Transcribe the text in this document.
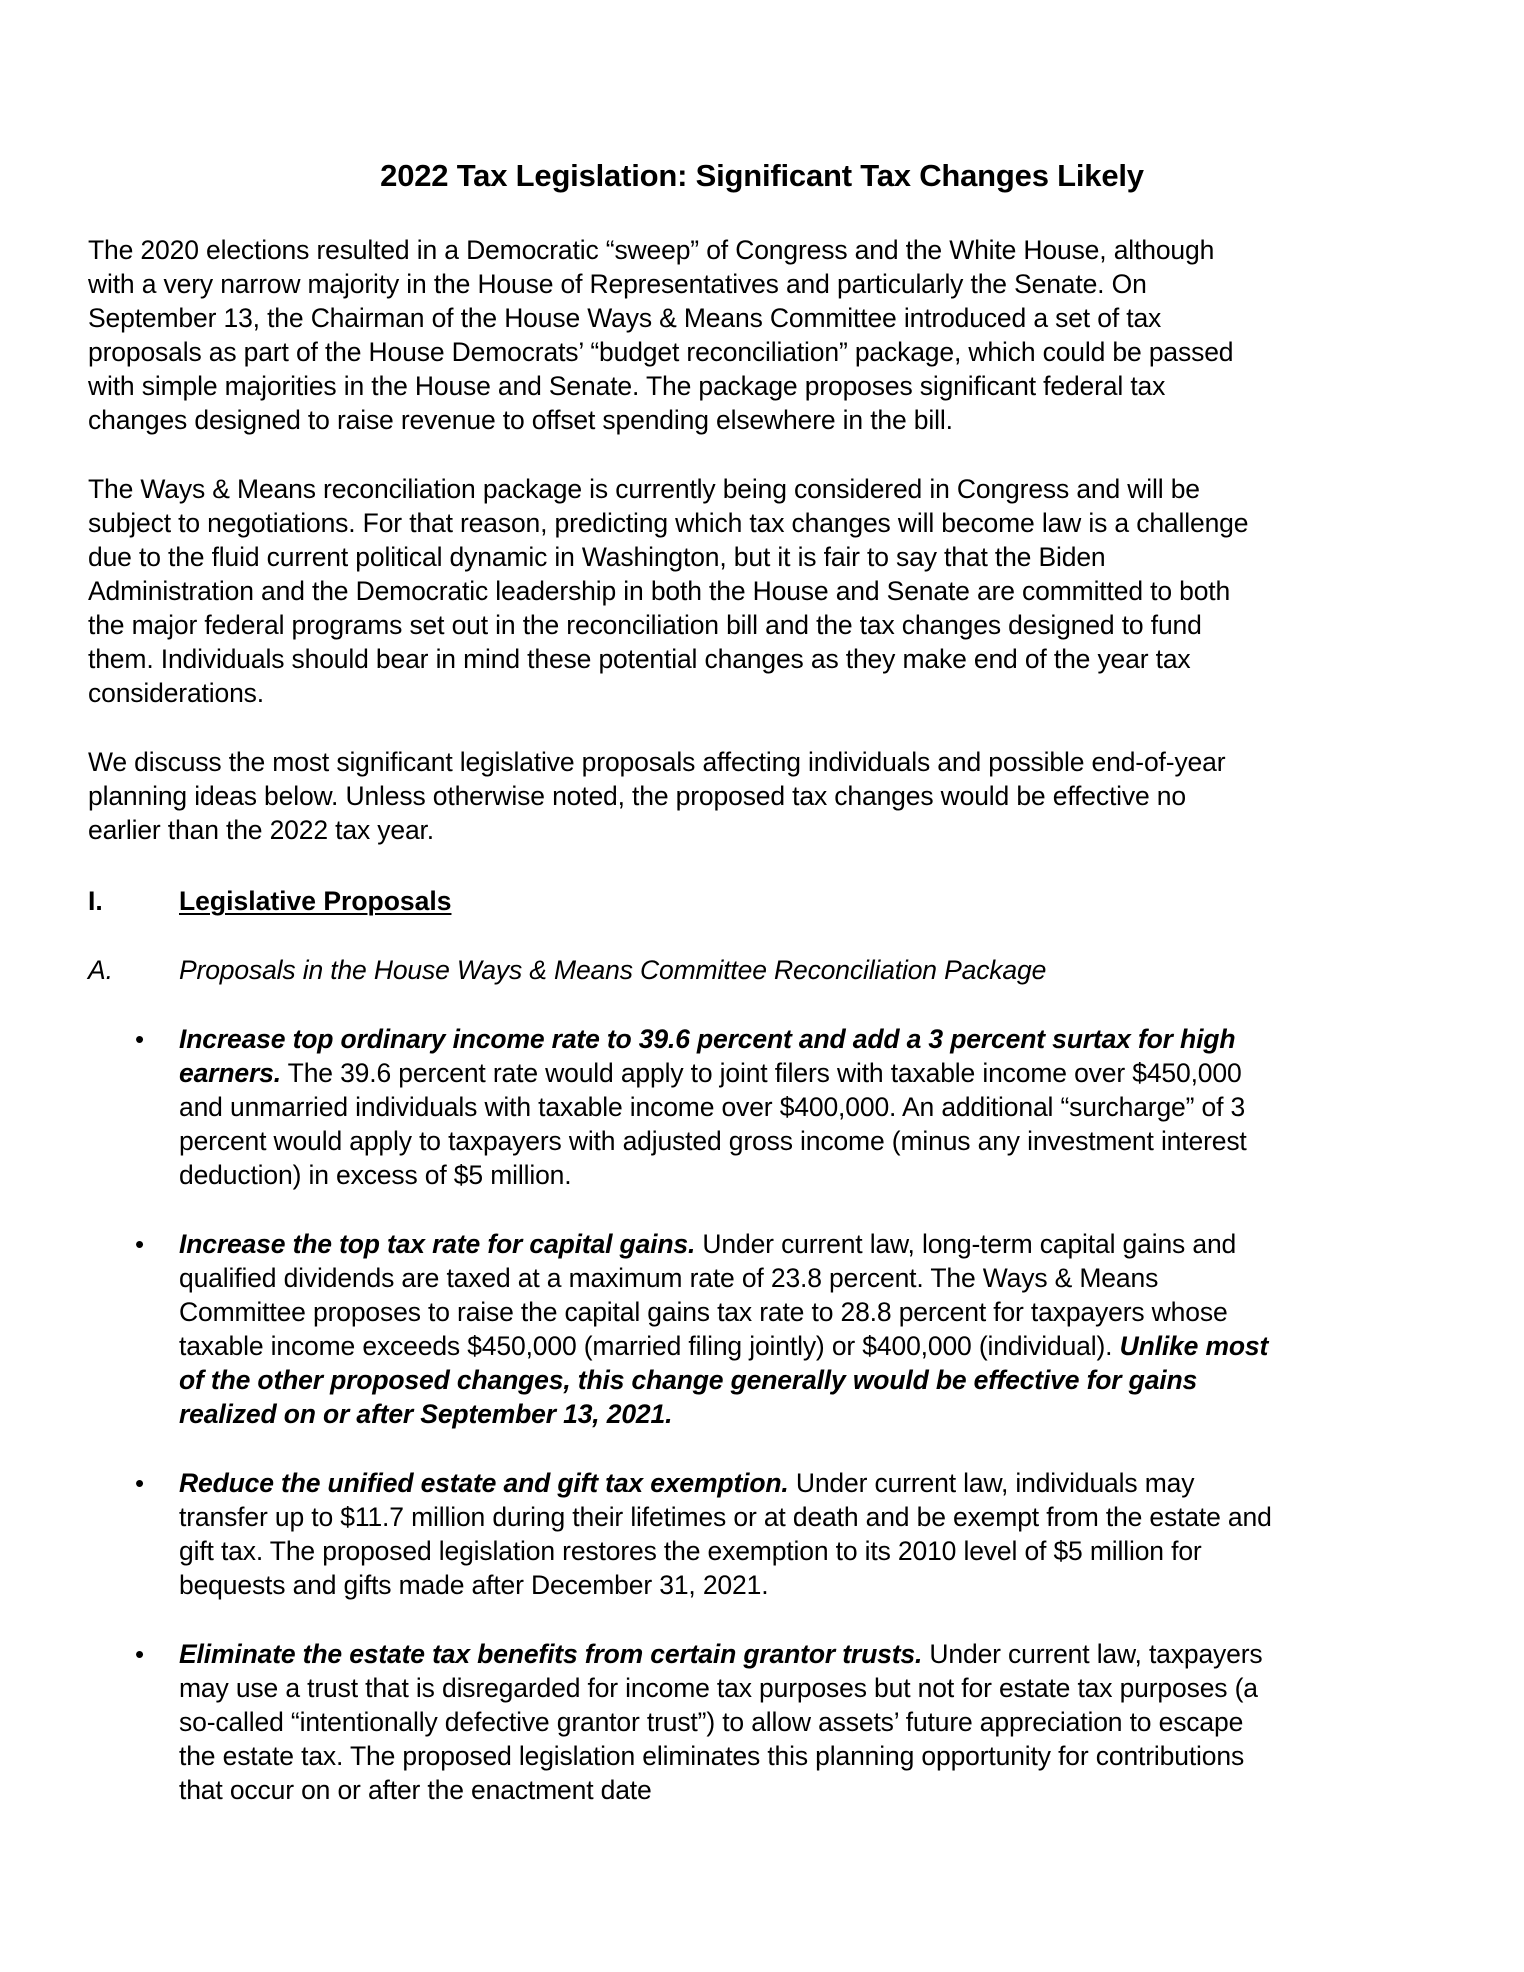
2022 Tax Legislation: Significant Tax Changes Likely
The 2020 elections resulted in a Democratic “sweep” of Congress and the White House, although
with a very narrow majority in the House of Representatives and particularly the Senate. On
September 13, the Chairman of the House Ways & Means Committee introduced a set of tax
proposals as part of the House Democrats’ “budget reconciliation” package, which could be passed
with simple majorities in the House and Senate. The package proposes significant federal tax
changes designed to raise revenue to offset spending elsewhere in the bill.
The Ways & Means reconciliation package is currently being considered in Congress and will be
subject to negotiations. For that reason, predicting which tax changes will become law is a challenge
due to the fluid current political dynamic in Washington, but it is fair to say that the Biden
Administration and the Democratic leadership in both the House and Senate are committed to both
the major federal programs set out in the reconciliation bill and the tax changes designed to fund
them. Individuals should bear in mind these potential changes as they make end of the year tax
considerations.
We discuss the most significant legislative proposals affecting individuals and possible end-of-year
planning ideas below. Unless otherwise noted, the proposed tax changes would be effective no
earlier than the 2022 tax year.
I.	Legislative Proposals
A. Proposals in the House Ways & Means Committee Reconciliation Package
• Increase top ordinary income rate to 39.6 percent and add a 3 percent surtax for high
earners. The 39.6 percent rate would apply to joint filers with taxable income over $450,000
and unmarried individuals with taxable income over $400,000. An additional “surcharge” of 3
percent would apply to taxpayers with adjusted gross income (minus any investment interest
deduction) in excess of $5 million.
• Increase the top tax rate for capital gains. Under current law, long-term capital gains and
qualified dividends are taxed at a maximum rate of 23.8 percent. The Ways & Means
Committee proposes to raise the capital gains tax rate to 28.8 percent for taxpayers whose
taxable income exceeds $450,000 (married filing jointly) or $400,000 (individual). Unlike most
of the other proposed changes, this change generally would be effective for gains
realized on or after September 13, 2021.
• Reduce the unified estate and gift tax exemption. Under current law, individuals may
transfer up to $11.7 million during their lifetimes or at death and be exempt from the estate and
gift tax. The proposed legislation restores the exemption to its 2010 level of $5 million for
bequests and gifts made after December 31, 2021.
• Eliminate the estate tax benefits from certain grantor trusts. Under current law, taxpayers
may use a trust that is disregarded for income tax purposes but not for estate tax purposes (a
so-called “intentionally defective grantor trust”) to allow assets’ future appreciation to escape
the estate tax. The proposed legislation eliminates this planning opportunity for contributions
that occur on or after the enactment date
